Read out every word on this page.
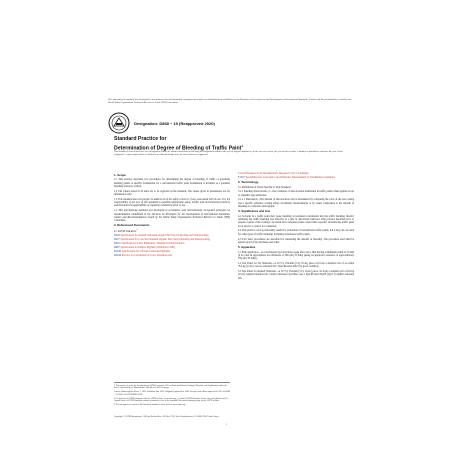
This international standard was developed in accordance with internationally recognized principles on standardization established in the Decision on Principles for the Development of International Standards, Guides and Recommendations issued by the World Trade Organization Technical Barriers to Trade (TBT) Committee.
Designation: D868 − 15 (Reapproved 2020)
Standard Practice for
Determination of Degree of Bleeding of Traffic Paint$^1$
This standard is issued under the fixed designation D868; the number immediately following the designation indicates the year of original adoption or, in the case of revision, the year of last revision. A number in parentheses indicates the year of last reapproval. A superscript epsilon (ε) indicates an editorial change since the last revision or reapproval.
1. Scope
1.1 This practice describes two procedures for determining the degree of bleeding of traffic or pavement marking paints. A specific formulation for a solventborne traffic paint formulation is included as a potential bleeding reference control.
1.2 The values stated in SI units are to be regarded as the standard. The values given in parentheses are for information only.
1.3 This standard does not purport to address all of the safety concerns, if any, associated with its use. It is the responsibility of the user of this standard to establish appropriate safety, health, and environmental practices and determine the applicability of regulatory limitations prior to use.
1.4 This international standard was developed in accordance with internationally recognized principles on standardization established in the Decision on Principles for the Development of International Standards, Guides and Recommendations issued by the World Trade Organization Technical Barriers to Trade (TBT) Committee.
2. Referenced Documents
2.1 ASTM Standards:$^2$
D228 Specification for Asphalt-Saturated Organic Felt Used in Roofing and Waterproofing
D227 Specification for Coal-Tar-Saturated Organic Felt Used in Roofing and Waterproofing
D470 Classification for Dry Pigmentary Titanium Dioxide Products
D667 Specification for Pumice Pigment (Withdrawn 1981)
D1199 Specification for Calcium Carbonate Pigments
D2244 Practice for Calculation of Color Tolerances and
1 This practice is under the jurisdiction of ASTM Committee D01 on Paint and Related Coatings, Materials, and Applications and is the direct responsibility of Subcommittee D01.44 on Traffic Coatings.
Current edition approved June 1, 2020. Published June 2020. Originally approved in 1946. Last previous edition approved in 2015 as D868 – 15. DOI: 10.1520/D0868-15R20.
2 For referenced ASTM standards, visit the ASTM website, www.astm.org, or contact ASTM Customer Service at service@astm.org. For Annual Book of ASTM Standards volume information, refer to the standard's Document Summary page on the ASTM website.
3 The last approved version of this historical standard is referenced on www.astm.org.
Color Differences from Instrumentally Measured Color Coordinates
E1347 Test Method for Color and Color-Difference Measurement by Tristimulus Colorimetry
3. Terminology
3.1 Definitions of Terms Specific to This Standard:
3.1.1 bleeding characteristic, n—that condition of discoloration manifested in traffic paints when applied on tar or asphaltic-type substrates.
3.1.1.1 Discussion—The amount of discoloration can be determined by comparing the color of the test coating and a specific reference coating using colorimetric measurements or by visual comparison to the amount of bleeding in a reference photograph.
4. Significance and Use
4.1 Solvents in a traffic paint may cause bleeding of pavement constituents into the traffic marking, thereby rendering the traffic marking less effective as a line or directional indicator. This practice describes how to prepare a panel of the coating to be tested and a reference panel coated with a specific solventborne traffic paint to be used as a control for evaluation.
4.2 This practice can be particularly useful for evaluation of solventborne traffic paints, but it may also be used for other types of traffic markings including waterborne traffic paints.
4.3 Two basic procedures are described for measuring the amount of bleeding. The procedure used shall be agreed upon by the purchaser and seller.
5. Apparatus
5.1 Film Applicator—A conventional type drawdown gage that casts a film having a minimum width of 50 mm (2 in.) and an approximate wet thickness of 380 μm (15 mils) (using an applicator clearance of approximately 760 μm (30 mils)).
5.2 Test Panel for Tar Substrate—A 127 by 254-mm (5 by 10-in.) piece cut from a standard roll of so-called "6.4 kg (15-lb) coal-tar saturated felt" (Specification D227) in good condition.
5.3 Test Panel for Asphalt Substrate—A 127 by 254-mm (5 by 10-in.) piece cut from a standard roll of 6.8 kg (15-lb) asphalt-saturated felt. Unless otherwise specified, use a Specification D228 (Type I) asphalt saturated felt.
Copyright © ASTM International, 100 Barr Harbor Drive, PO Box C700, West Conshohocken, PA 19428-2959. United States
1
